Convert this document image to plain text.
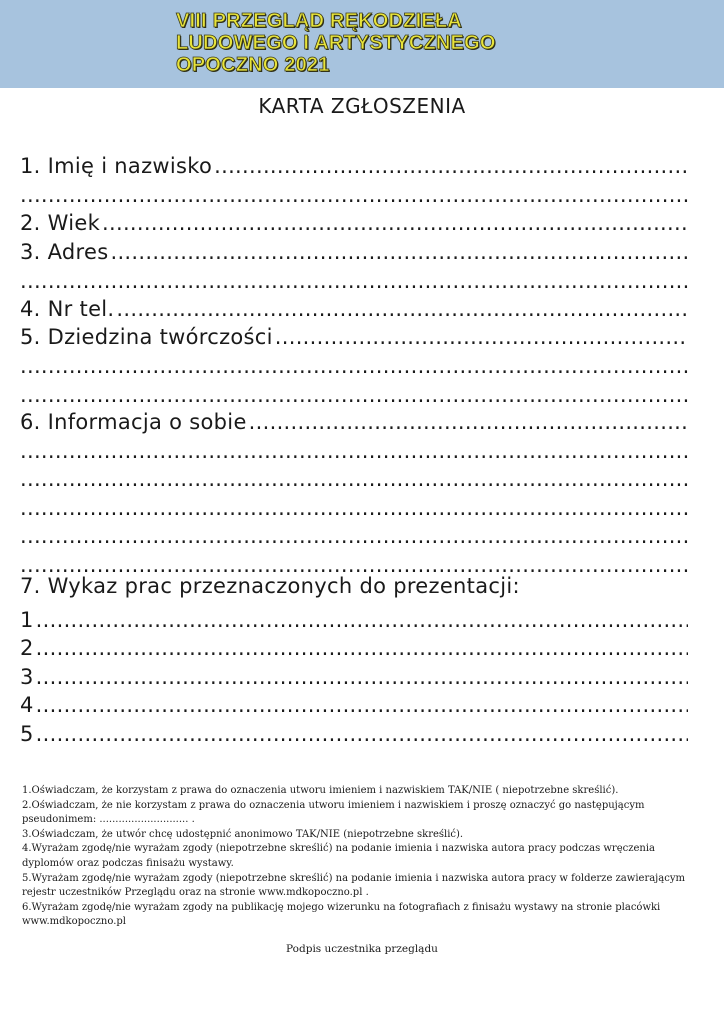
VIII PRZEGLĄD RĘKODZIEŁA
LUDOWEGO I ARTYSTYCZNEGO
OPOCZNO 2021
KARTA ZGŁOSZENIA
1. Imię i nazwisko
.....
.....
2. Wiek
.....
3. Adres
.....
.....
4. Nr tel.
.....
5. Dziedzina twórczości
.....
.....
.....
6. Informacja o sobie
.....
.....
.....
.....
.....
.....
7. Wykaz prac przeznaczonych do prezentacji:
1
.....
2
.....
3
.....
4
.....
5
.....
1.Oświadczam, że korzystam z prawa do oznaczenia utworu imieniem i nazwiskiem TAK/NIE ( niepotrzebne skreślić).
2.Oświadczam, że nie korzystam z prawa do oznaczenia utworu imieniem i nazwiskiem i proszę oznaczyć go następującym
pseudonimem: ............................ .
3.Oświadczam, że utwór chcę udostępnić anonimowo TAK/NIE (niepotrzebne skreślić).
4.Wyrażam zgodę/nie wyrażam zgody (niepotrzebne skreślić) na podanie imienia i nazwiska autora pracy podczas wręczenia
dyplomów oraz podczas finisażu wystawy.
5.Wyrażam zgodę/nie wyrażam zgody (niepotrzebne skreślić) na podanie imienia i nazwiska autora pracy w folderze zawierającym
rejestr uczestników Przeglądu oraz na stronie www.mdkopoczno.pl .
6.Wyrażam zgodę/nie wyrażam zgody na publikację mojego wizerunku na fotografiach z finisażu wystawy na stronie placówki
www.mdkopoczno.pl
Podpis uczestnika przeglądu
